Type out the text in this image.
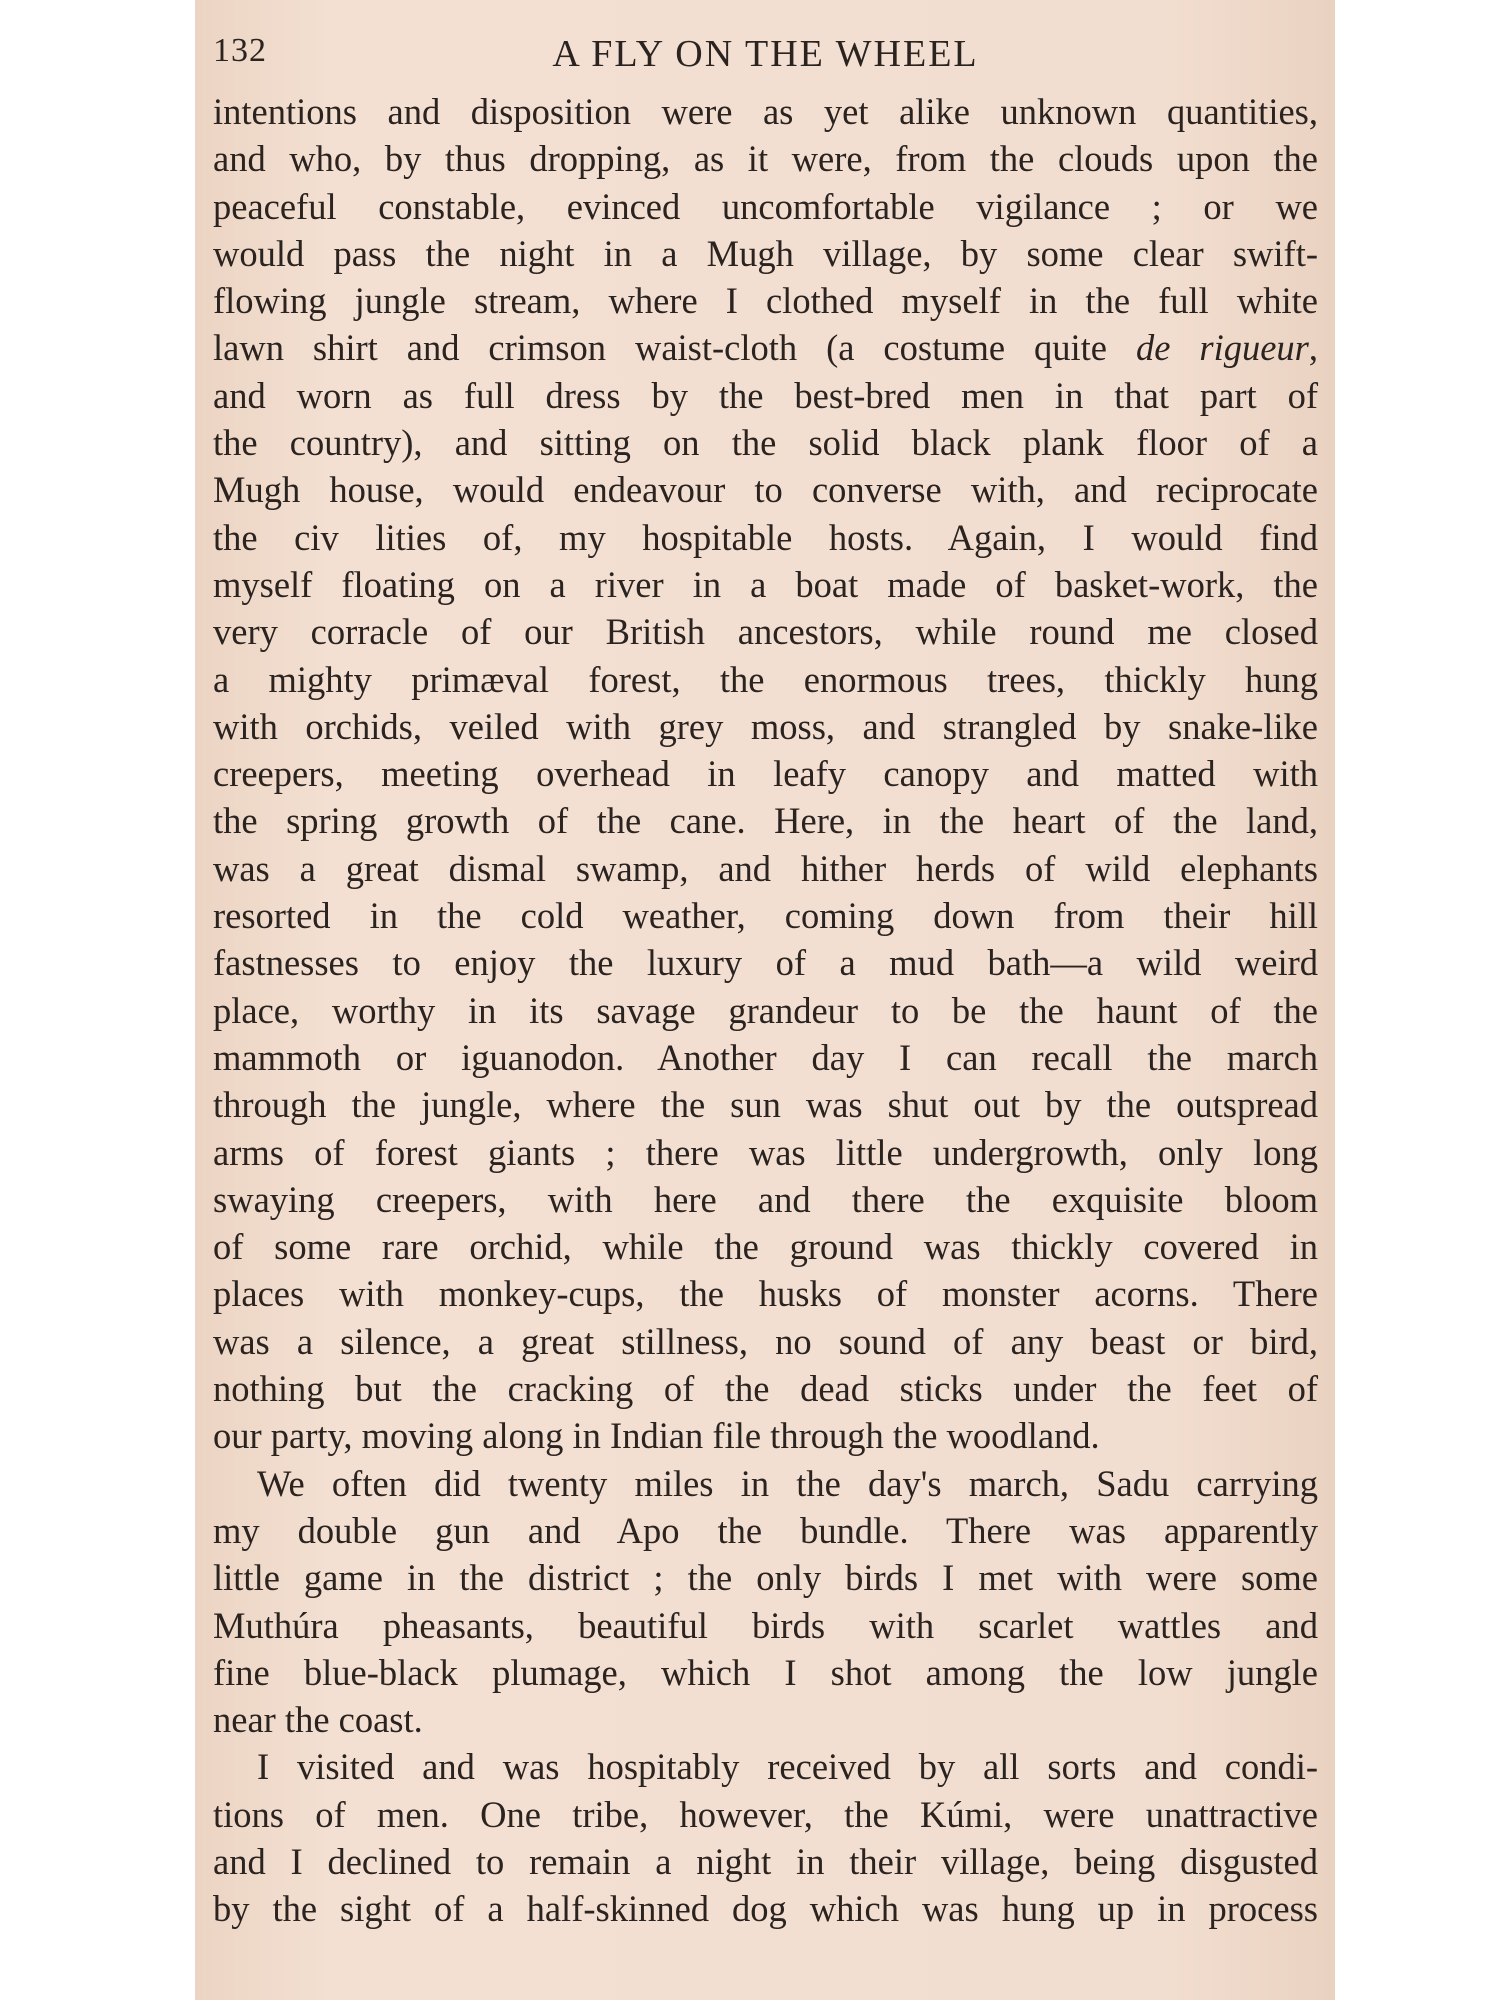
132	A FLY ON THE WHEEL
intentions and disposition were as yet alike unknown quantities,
and who, by thus dropping, as it were, from the clouds upon the
peaceful constable, evinced uncomfortable vigilance ; or we
would pass the night in a Mugh village, by some clear swift-
flowing jungle stream, where I clothed myself in the full white
lawn shirt and crimson waist-cloth (a costume quite de rigueur,
and worn as full dress by the best-bred men in that part of
the country), and sitting on the solid black plank floor of a
Mugh house, would endeavour to converse with, and reciprocate
the civ lities of, my hospitable hosts. Again, I would find
myself floating on a river in a boat made of basket-work, the
very corracle of our British ancestors, while round me closed
a mighty primæval forest, the enormous trees, thickly hung
with orchids, veiled with grey moss, and strangled by snake-like
creepers, meeting overhead in leafy canopy and matted with
the spring growth of the cane. Here, in the heart of the land,
was a great dismal swamp, and hither herds of wild elephants
resorted in the cold weather, coming down from their hill
fastnesses to enjoy the luxury of a mud bath—a wild weird
place, worthy in its savage grandeur to be the haunt of the
mammoth or iguanodon. Another day I can recall the march
through the jungle, where the sun was shut out by the outspread
arms of forest giants ; there was little undergrowth, only long
swaying creepers, with here and there the exquisite bloom
of some rare orchid, while the ground was thickly covered in
places with monkey-cups, the husks of monster acorns. There
was a silence, a great stillness, no sound of any beast or bird,
nothing but the cracking of the dead sticks under the feet of
our party, moving along in Indian file through the woodland.
We often did twenty miles in the day's march, Sadu carrying
my double gun and Apo the bundle. There was apparently
little game in the district ; the only birds I met with were some
Muthúra pheasants, beautiful birds with scarlet wattles and
fine blue-black plumage, which I shot among the low jungle
near the coast.
I visited and was hospitably received by all sorts and condi-
tions of men. One tribe, however, the Kúmi, were unattractive
and I declined to remain a night in their village, being disgusted
by the sight of a half-skinned dog which was hung up in process
